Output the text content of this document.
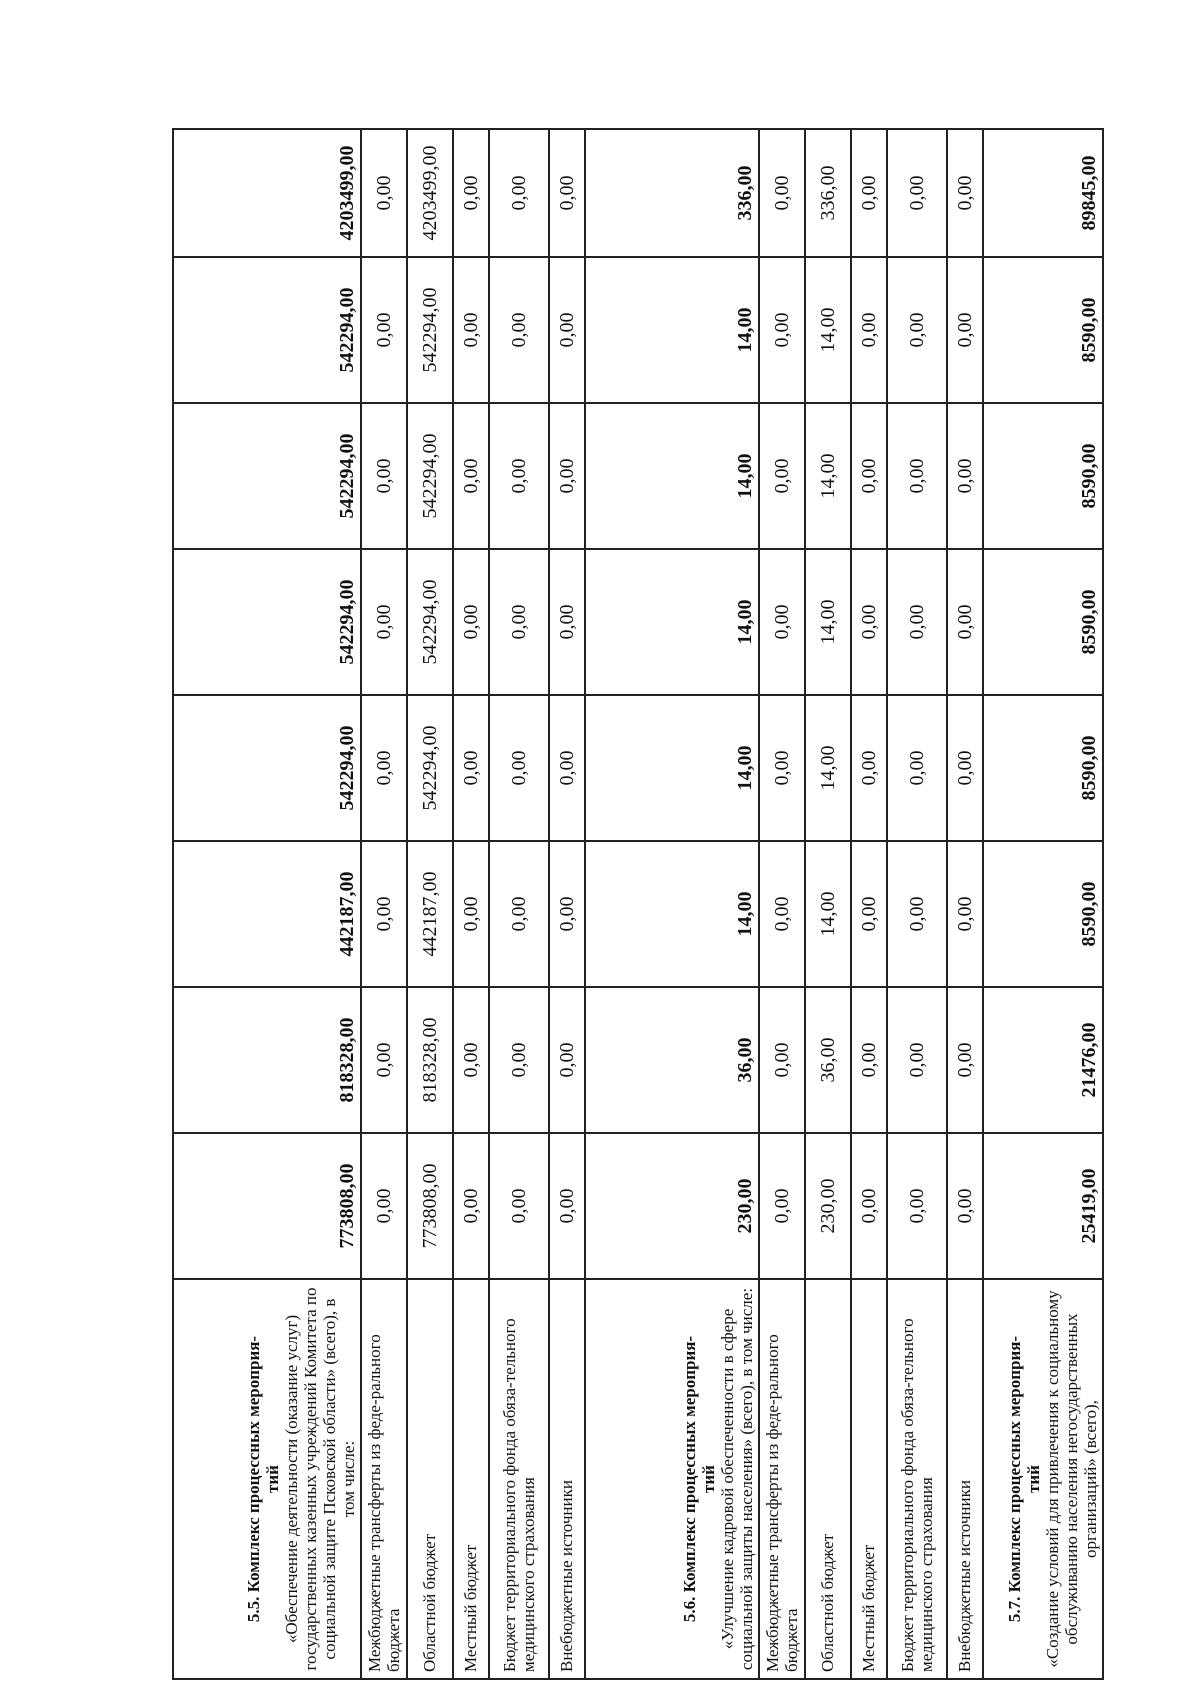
5.5. Комплекс процессных мероприя- тий «Обеспечение деятельности (оказание услуг) государственных казенных учреждений Комитета по социальной защите Псковской области» (всего), в том числе:	773808,00	818328,00	442187,00	542294,00	542294,00	542294,00	542294,00	4203499,00
Межбюджетные трансферты из феде-рального бюджета	0,00	0,00	0,00	0,00	0,00	0,00	0,00	0,00
Областной бюджет	773808,00	818328,00	442187,00	542294,00	542294,00	542294,00	542294,00	4203499,00
Местный бюджет	0,00	0,00	0,00	0,00	0,00	0,00	0,00	0,00
Бюджет территориального фонда обяза-тельного медицинского страхования	0,00	0,00	0,00	0,00	0,00	0,00	0,00	0,00
Внебюджетные источники	0,00	0,00	0,00	0,00	0,00	0,00	0,00	0,00

5.6. Комплекс процессных мероприя- тий «Улучшение кадровой обеспеченности в сфере социальной защиты населения» (всего), в том числе:	230,00	36,00	14,00	14,00	14,00	14,00	14,00	336,00
Межбюджетные трансферты из феде-рального бюджета	0,00	0,00	0,00	0,00	0,00	0,00	0,00	0,00
Областной бюджет	230,00	36,00	14,00	14,00	14,00	14,00	14,00	336,00
Местный бюджет	0,00	0,00	0,00	0,00	0,00	0,00	0,00	0,00
Бюджет территориального фонда обяза-тельного медицинского страхования	0,00	0,00	0,00	0,00	0,00	0,00	0,00	0,00
Внебюджетные источники	0,00	0,00	0,00	0,00	0,00	0,00	0,00	0,00

5.7. Комплекс процессных мероприя- тий «Создание условий для привлечения к социальному обслуживанию населения негосударственных организаций» (всего),	25419,00	21476,00	8590,00	8590,00	8590,00	8590,00	8590,00	89845,00
